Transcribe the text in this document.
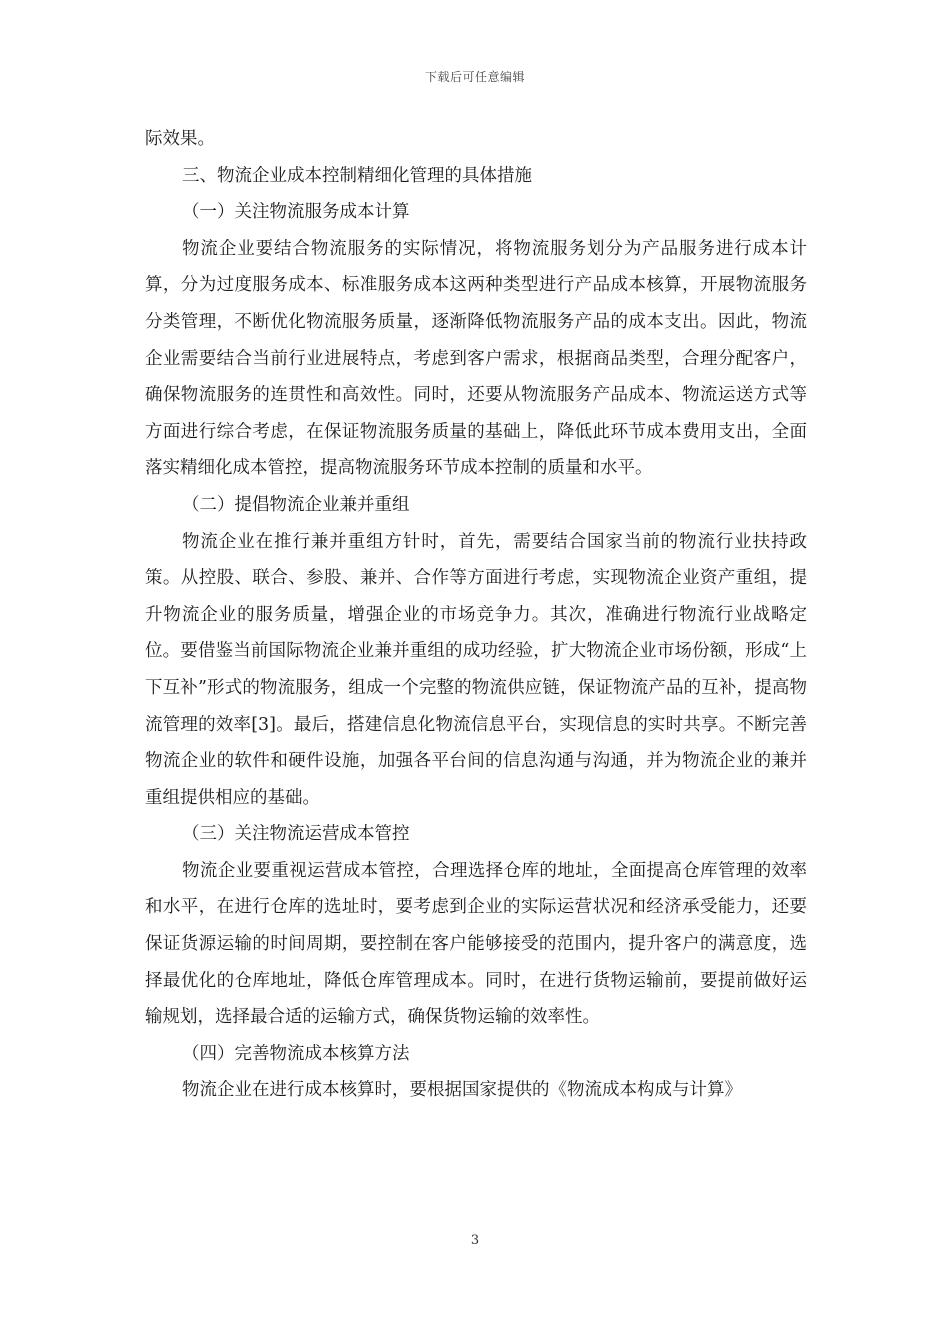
下载后可任意编辑

际效果。

三、物流企业成本控制精细化管理的具体措施

（一）关注物流服务成本计算

物流企业要结合物流服务的实际情况，将物流服务划分为产品服务进行成本计算，分为过度服务成本、标准服务成本这两种类型进行产品成本核算，开展物流服务分类管理，不断优化物流服务质量，逐渐降低物流服务产品的成本支出。因此，物流企业需要结合当前行业进展特点，考虑到客户需求，根据商品类型，合理分配客户，确保物流服务的连贯性和高效性。同时，还要从物流服务产品成本、物流运送方式等方面进行综合考虑，在保证物流服务质量的基础上，降低此环节成本费用支出，全面落实精细化成本管控，提高物流服务环节成本控制的质量和水平。

（二）提倡物流企业兼并重组

物流企业在推行兼并重组方针时，首先，需要结合国家当前的物流行业扶持政策。从控股、联合、参股、兼并、合作等方面进行考虑，实现物流企业资产重组，提升物流企业的服务质量，增强企业的市场竞争力。其次，准确进行物流行业战略定位。要借鉴当前国际物流企业兼并重组的成功经验，扩大物流企业市场份额，形成“上下互补”形式的物流服务，组成一个完整的物流供应链，保证物流产品的互补，提高物流管理的效率[3]。最后，搭建信息化物流信息平台，实现信息的实时共享。不断完善物流企业的软件和硬件设施，加强各平台间的信息沟通与沟通，并为物流企业的兼并重组提供相应的基础。

（三）关注物流运营成本管控

物流企业要重视运营成本管控，合理选择仓库的地址，全面提高仓库管理的效率和水平，在进行仓库的选址时，要考虑到企业的实际运营状况和经济承受能力，还要保证货源运输的时间周期，要控制在客户能够接受的范围内，提升客户的满意度，选择最优化的仓库地址，降低仓库管理成本。同时，在进行货物运输前，要提前做好运输规划，选择最合适的运输方式，确保货物运输的效率性。

（四）完善物流成本核算方法

物流企业在进行成本核算时，要根据国家提供的《物流成本构成与计算》

3
